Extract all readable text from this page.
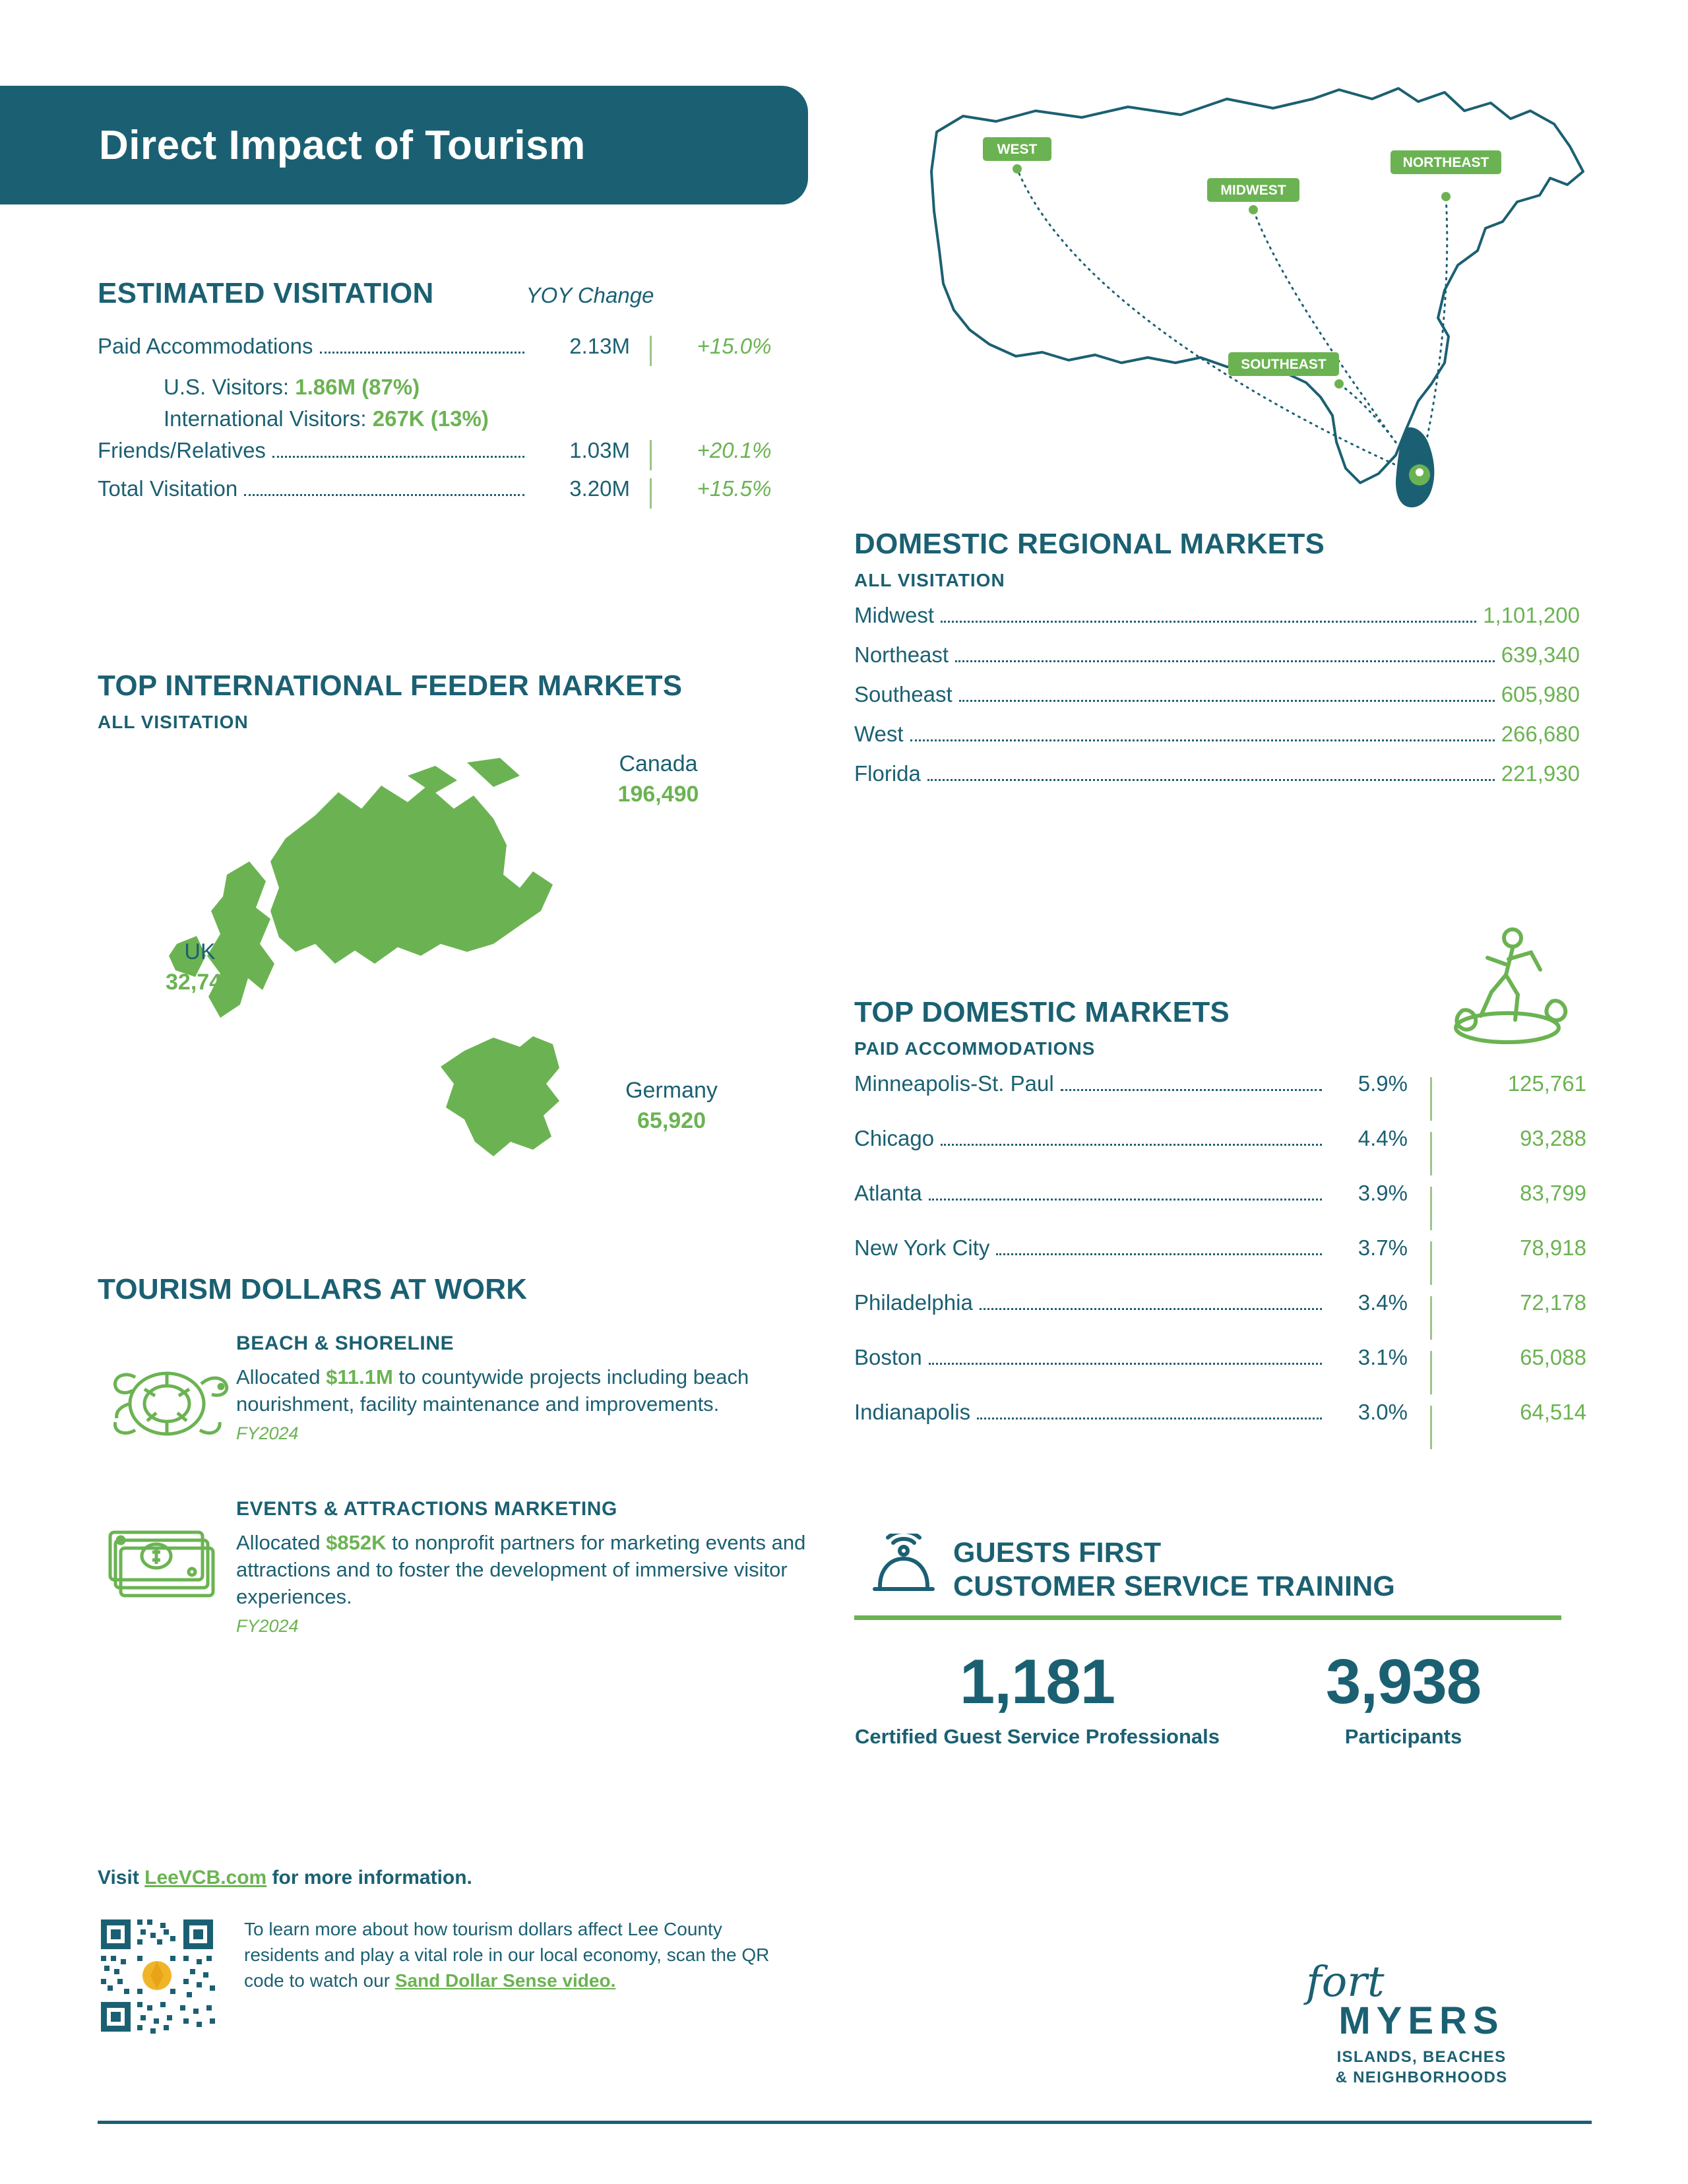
Direct Impact of Tourism
ESTIMATED VISITATION	YOY Change
Paid Accommodations	2.13M	+15.0%
U.S. Visitors: 1.86M (87%)
International Visitors: 267K (13%)
Friends/Relatives	1.03M	+20.1%
Total Visitation	3.20M	+15.5%
TOP INTERNATIONAL FEEDER MARKETS
ALL VISITATION
Canada
196,490
UK
32,740
Germany
65,920
TOURISM DOLLARS AT WORK
BEACH & SHORELINE
Allocated $11.1M to countywide projects including beach nourishment, facility maintenance and improvements.
FY2024
EVENTS & ATTRACTIONS MARKETING
Allocated $852K to nonprofit partners for marketing events and attractions and to foster the development of immersive visitor experiences.
FY2024
Visit LeeVCB.com for more information.
To learn more about how tourism dollars affect Lee County residents and play a vital role in our local economy, scan the QR code to watch our Sand Dollar Sense video.
WEST
MIDWEST
NORTHEAST
SOUTHEAST
DOMESTIC REGIONAL MARKETS
ALL VISITATION
Midwest	1,101,200
Northeast	639,340
Southeast	605,980
West	266,680
Florida	221,930
TOP DOMESTIC MARKETS
PAID ACCOMMODATIONS
Minneapolis-St. Paul	5.9%	125,761
Chicago	4.4%	93,288
Atlanta	3.9%	83,799
New York City	3.7%	78,918
Philadelphia	3.4%	72,178
Boston	3.1%	65,088
Indianapolis	3.0%	64,514
GUESTS FIRST
CUSTOMER SERVICE TRAINING
1,181
Certified Guest Service Professionals
3,938
Participants
fort
MYERS
ISLANDS, BEACHES
& NEIGHBORHOODS
